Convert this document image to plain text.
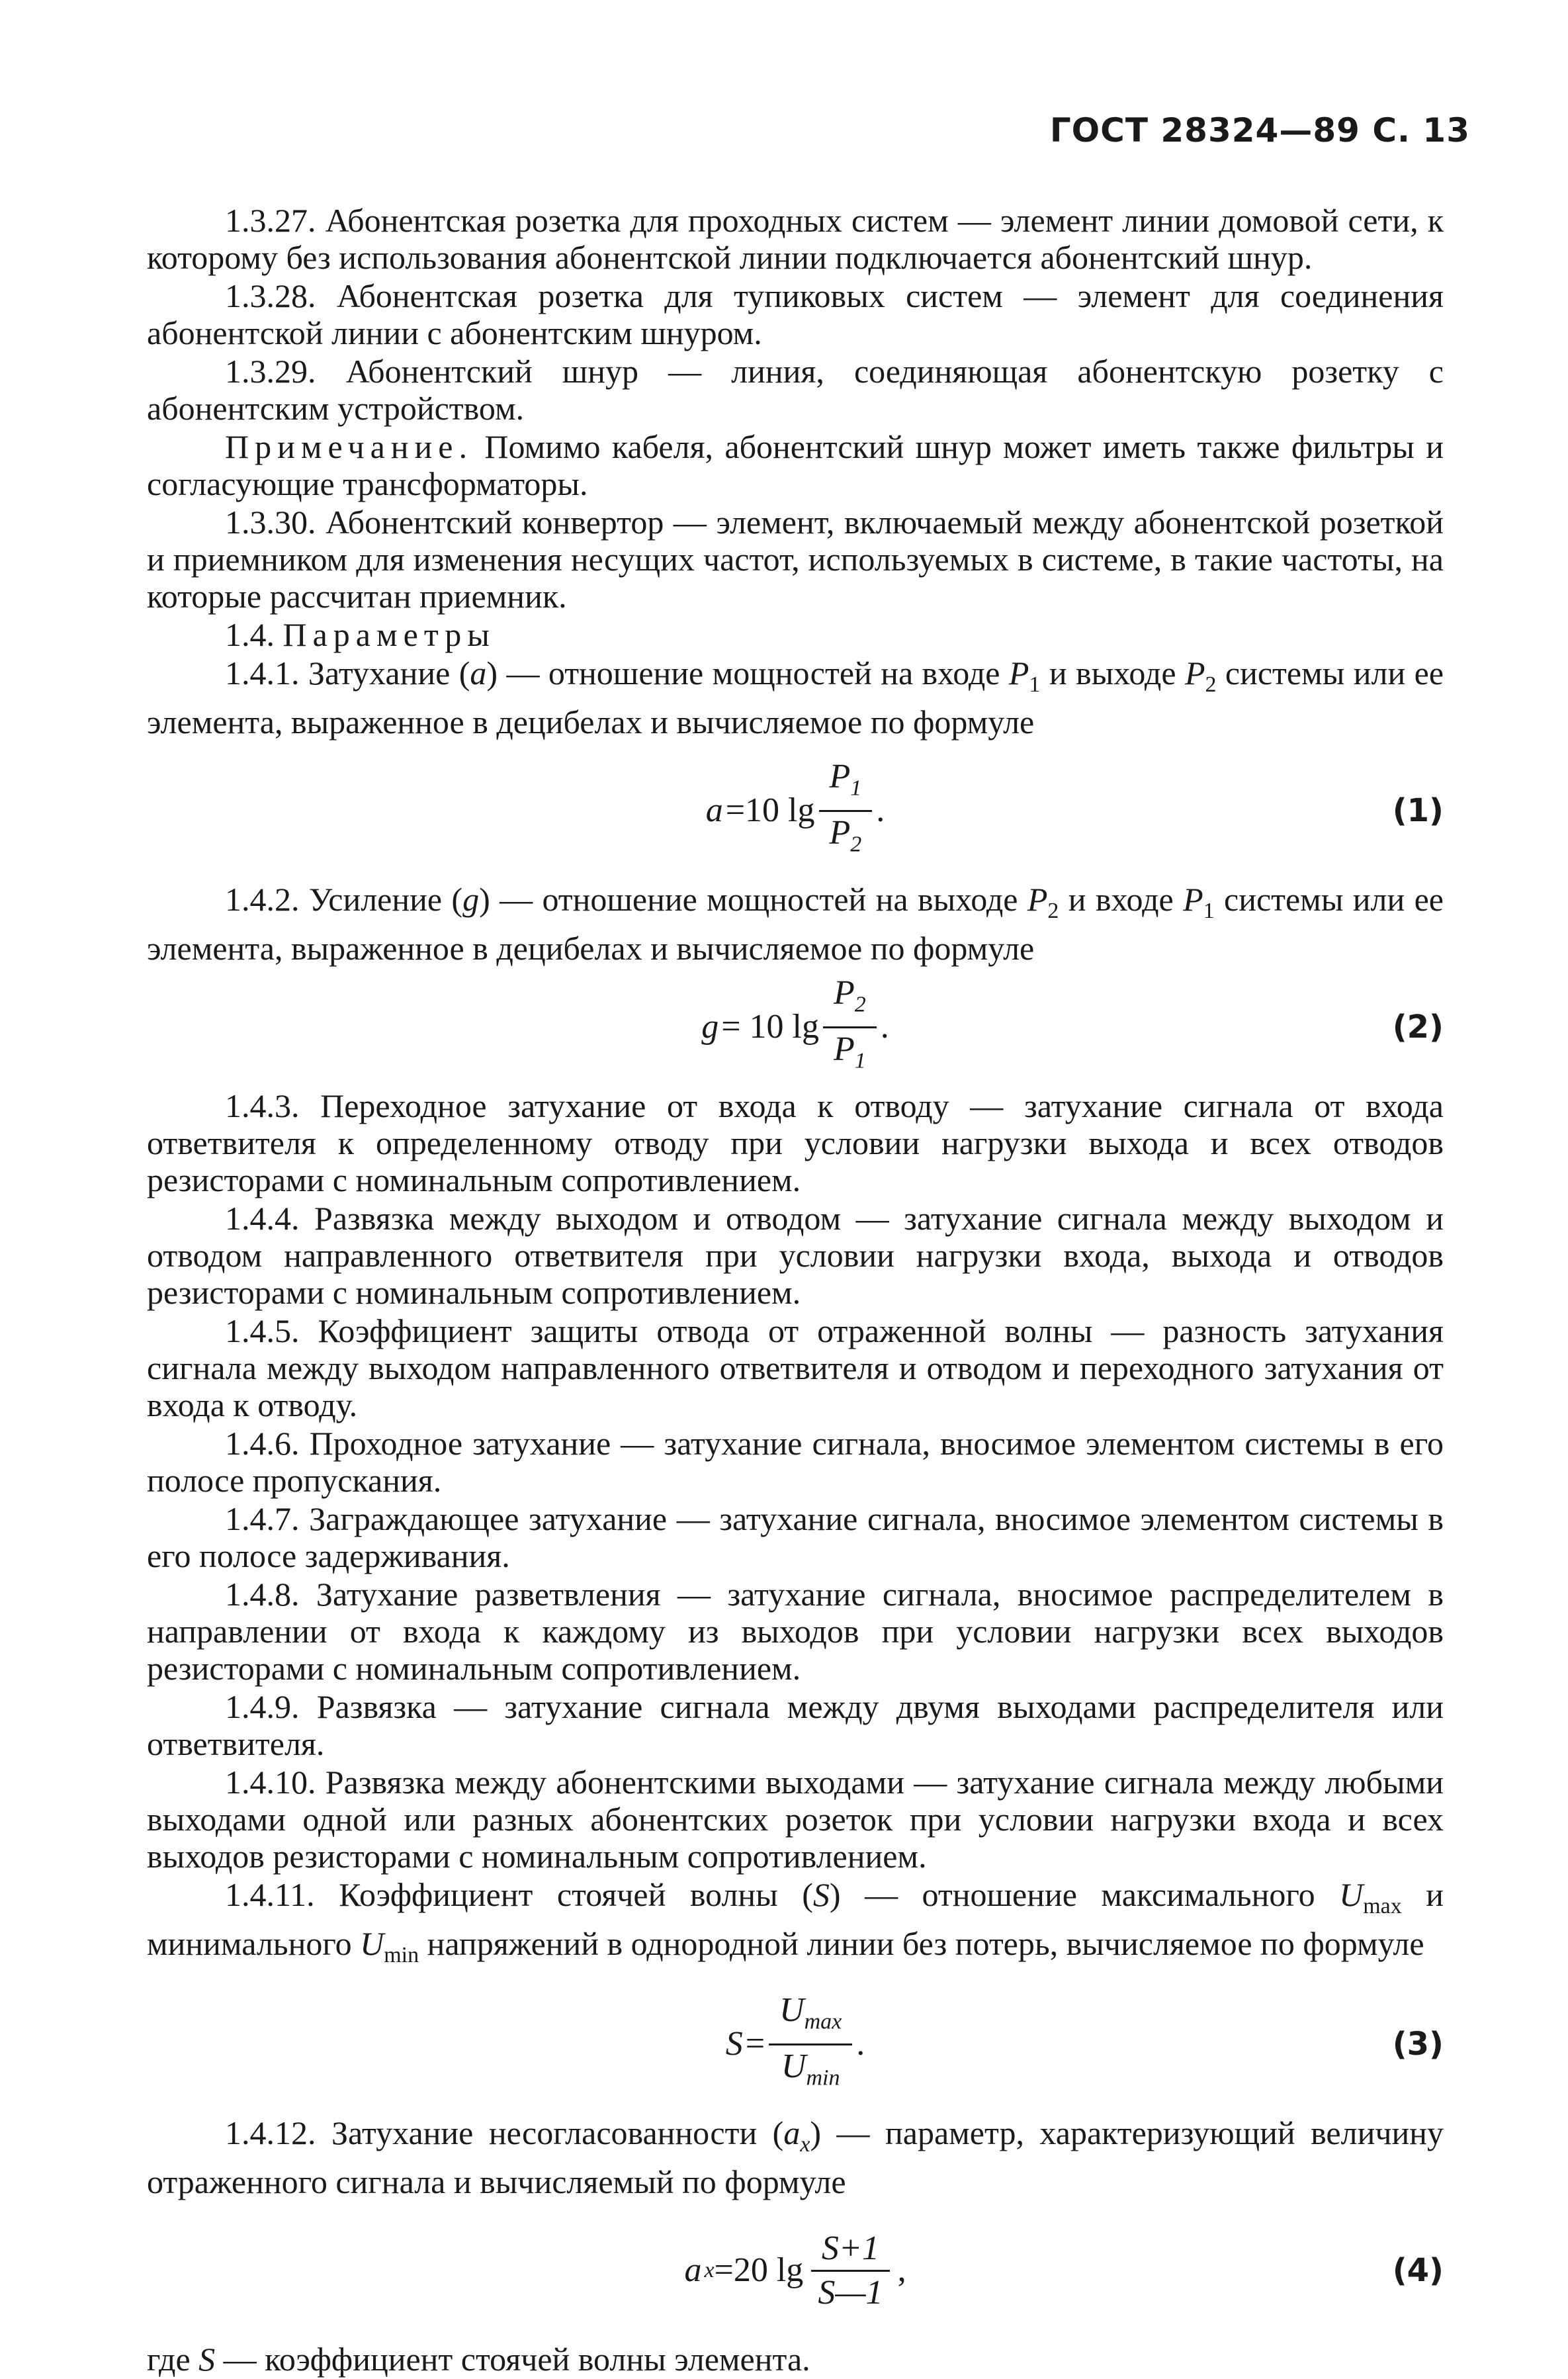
ГОСТ 28324—89 С. 13

1.3.27. Абонентская розетка для проходных систем — элемент линии домовой сети, к которому без использования абонентской линии подключается абонентский шнур.

1.3.28. Абонентская розетка для тупиковых систем — элемент для соединения абонентской линии с абонентским шнуром.

1.3.29. Абонентский шнур — линия, соединяющая абонентскую розетку с абонентским устройством.

Примечание. Помимо кабеля, абонентский шнур может иметь также фильтры и согласующие трансформаторы.

1.3.30. Абонентский конвертор — элемент, включаемый между абонентской розеткой и приемником для изменения несущих частот, используемых в системе, в такие частоты, на которые рассчитан приемник.

1.4. Параметры

1.4.1. Затухание (a) — отношение мощностей на входе $P_1$ и выходе $P_2$ системы или ее элемента, выраженное в децибелах и вычисляемое по формуле

a =10 $\lg \frac{P_1}{P_2}$ .	(1)

1.4.2. Усиление (g) — отношение мощностей на выходе $P_2$ и входе $P_1$ системы или ее элемента, выраженное в децибелах и вычисляемое по формуле

g = 10 $\lg \frac{P_2}{P_1}$ .	(2)

1.4.3. Переходное затухание от входа к отводу — затухание сигнала от входа ответвителя к определенному отводу при условии нагрузки выхода и всех отводов резисторами с номинальным сопротивлением.

1.4.4. Развязка между выходом и отводом — затухание сигнала между выходом и отводом направленного ответвителя при условии нагрузки входа, выхода и отводов резисторами с номинальным сопротивлением.

1.4.5. Коэффициент защиты отвода от отраженной волны — разность затухания сигнала между выходом направленного ответвителя и отводом и переходного затухания от входа к отводу.

1.4.6. Проходное затухание — затухание сигнала, вносимое элементом системы в его полосе пропускания.

1.4.7. Заграждающее затухание — затухание сигнала, вносимое элементом системы в его полосе задерживания.

1.4.8. Затухание разветвления — затухание сигнала, вносимое распределителем в направлении от входа к каждому из выходов при условии нагрузки всех выходов резисторами с номинальным сопротивлением.

1.4.9. Развязка — затухание сигнала между двумя выходами распределителя или ответвителя.

1.4.10. Развязка между абонентскими выходами — затухание сигнала между любыми выходами одной или разных абонентских розеток при условии нагрузки входа и всех выходов резисторами с номинальным сопротивлением.

1.4.11. Коэффициент стоячей волны (S) — отношение максимального $U_{max}$ и минимального $U_{min}$ напряжений в однородной линии без потерь, вычисляемое по формуле

$S = \frac{U_{max}}{U_{min}}$ .	(3)

1.4.12. Затухание несогласованности $(a_x)$ — параметр, характеризующий величину отраженного сигнала и вычисляемый по формуле

a x =20 $\lg \frac{S+1}{S—1}$ ,	(4)

где S — коэффициент стоячей волны элемента.
